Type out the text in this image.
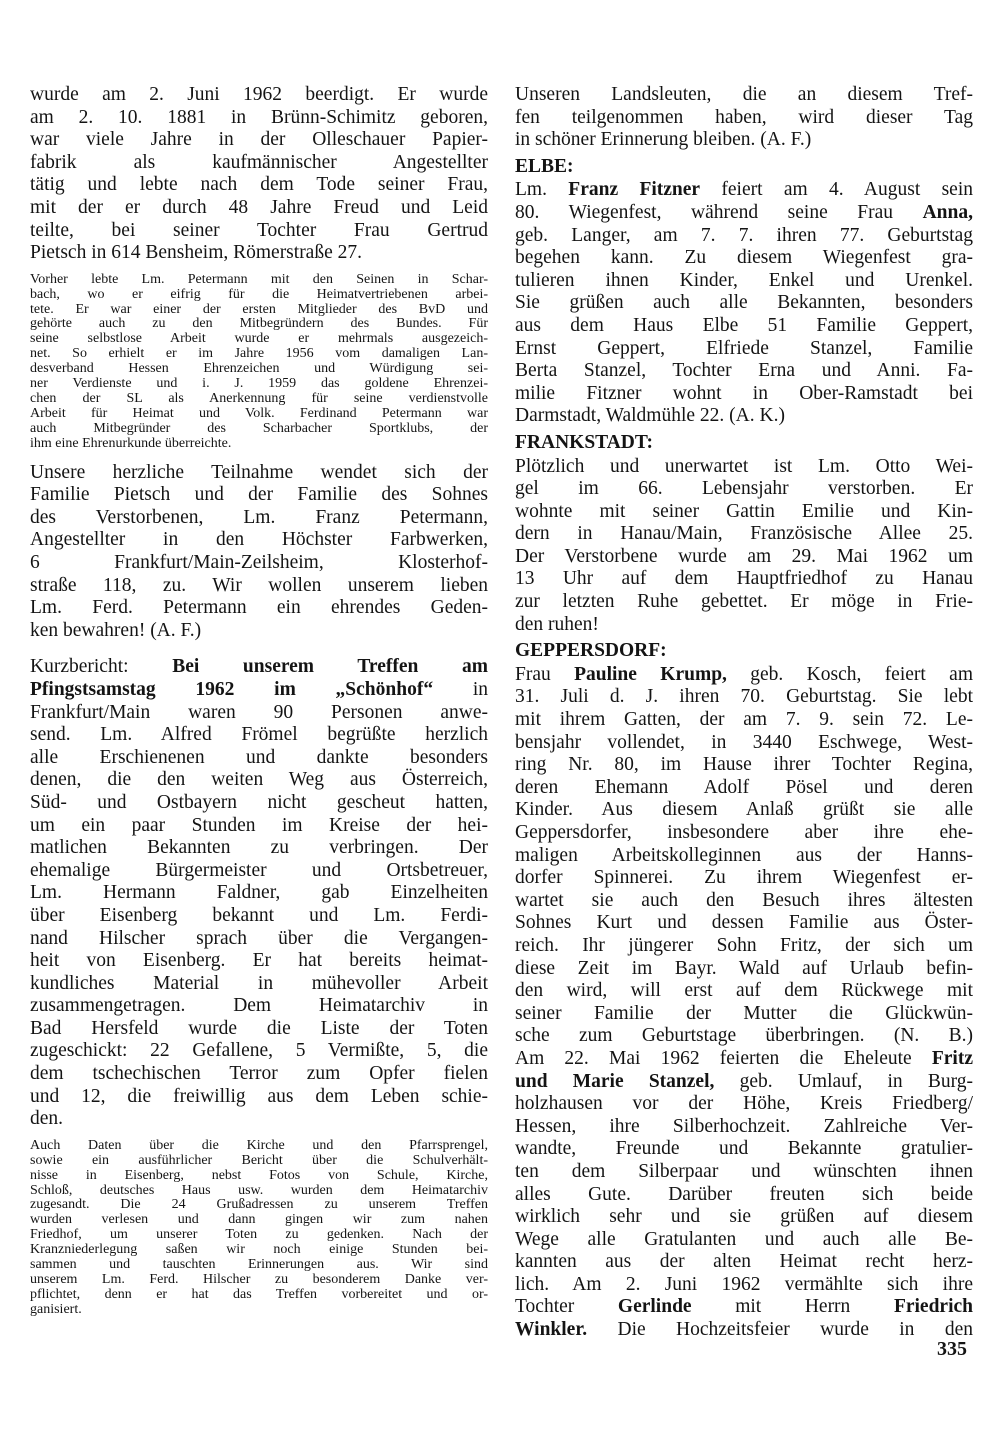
wurde am 2. Juni 1962 beerdigt. Er wurde
am 2. 10. 1881 in Brünn-Schimitz geboren,
war viele Jahre in der Olleschauer Papier-
fabrik als kaufmännischer Angestellter
tätig und lebte nach dem Tode seiner Frau,
mit der er durch 48 Jahre Freud und Leid
teilte, bei seiner Tochter Frau Gertrud
Pietsch in 614 Bensheim, Römerstraße 27.
Vorher lebte Lm. Petermann mit den Seinen in Schar-
bach, wo er eifrig für die Heimatvertriebenen arbei-
tete. Er war einer der ersten Mitglieder des BvD und
gehörte auch zu den Mitbegründern des Bundes. Für
seine selbstlose Arbeit wurde er mehrmals ausgezeich-
net. So erhielt er im Jahre 1956 vom damaligen Lan-
desverband Hessen Ehrenzeichen und Würdigung sei-
ner Verdienste und i. J. 1959 das goldene Ehrenzei-
chen der SL als Anerkennung für seine verdienstvolle
Arbeit für Heimat und Volk. Ferdinand Petermann war
auch Mitbegründer des Scharbacher Sportklubs, der
ihm eine Ehrenurkunde überreichte.
Unsere herzliche Teilnahme wendet sich der
Familie Pietsch und der Familie des Sohnes
des Verstorbenen, Lm. Franz Petermann,
Angestellter in den Höchster Farbwerken,
6 Frankfurt/Main-Zeilsheim, Klosterhof-
straße 118, zu. Wir wollen unserem lieben
Lm. Ferd. Petermann ein ehrendes Geden-
ken bewahren! (A. F.)
Kurzbericht: Bei unserem Treffen am
Pfingstsamstag 1962 im „Schönhof“ in
Frankfurt/Main waren 90 Personen anwe-
send. Lm. Alfred Frömel begrüßte herzlich
alle Erschienenen und dankte besonders
denen, die den weiten Weg aus Österreich,
Süd- und Ostbayern nicht gescheut hatten,
um ein paar Stunden im Kreise der hei-
matlichen Bekannten zu verbringen. Der
ehemalige Bürgermeister und Ortsbetreuer,
Lm. Hermann Faldner, gab Einzelheiten
über Eisenberg bekannt und Lm. Ferdi-
nand Hilscher sprach über die Vergangen-
heit von Eisenberg. Er hat bereits heimat-
kundliches Material in mühevoller Arbeit
zusammengetragen. Dem Heimatarchiv in
Bad Hersfeld wurde die Liste der Toten
zugeschickt: 22 Gefallene, 5 Vermißte, 5, die
dem tschechischen Terror zum Opfer fielen
und 12, die freiwillig aus dem Leben schie-
den.
Auch Daten über die Kirche und den Pfarrsprengel,
sowie ein ausführlicher Bericht über die Schulverhält-
nisse in Eisenberg, nebst Fotos von Schule, Kirche,
Schloß, deutsches Haus usw. wurden dem Heimatarchiv
zugesandt. Die 24 Grußadressen zu unserem Treffen
wurden verlesen und dann gingen wir zum nahen
Friedhof, um unserer Toten zu gedenken. Nach der
Kranzniederlegung saßen wir noch einige Stunden bei-
sammen und tauschten Erinnerungen aus. Wir sind
unserem Lm. Ferd. Hilscher zu besonderem Danke ver-
pflichtet, denn er hat das Treffen vorbereitet und or-
ganisiert.
Unseren Landsleuten, die an diesem Tref-
fen teilgenommen haben, wird dieser Tag
in schöner Erinnerung bleiben. (A. F.)
ELBE:
Lm. Franz Fitzner feiert am 4. August sein
80. Wiegenfest, während seine Frau Anna,
geb. Langer, am 7. 7. ihren 77. Geburtstag
begehen kann. Zu diesem Wiegenfest gra-
tulieren ihnen Kinder, Enkel und Urenkel.
Sie grüßen auch alle Bekannten, besonders
aus dem Haus Elbe 51 Familie Geppert,
Ernst Geppert, Elfriede Stanzel, Familie
Berta Stanzel, Tochter Erna und Anni. Fa-
milie Fitzner wohnt in Ober-Ramstadt bei
Darmstadt, Waldmühle 22. (A. K.)
FRANKSTADT:
Plötzlich und unerwartet ist Lm. Otto Wei-
gel im 66. Lebensjahr verstorben. Er
wohnte mit seiner Gattin Emilie und Kin-
dern in Hanau/Main, Französische Allee 25.
Der Verstorbene wurde am 29. Mai 1962 um
13 Uhr auf dem Hauptfriedhof zu Hanau
zur letzten Ruhe gebettet. Er möge in Frie-
den ruhen!
GEPPERSDORF:
Frau Pauline Krump, geb. Kosch, feiert am
31. Juli d. J. ihren 70. Geburtstag. Sie lebt
mit ihrem Gatten, der am 7. 9. sein 72. Le-
bensjahr vollendet, in 3440 Eschwege, West-
ring Nr. 80, im Hause ihrer Tochter Regina,
deren Ehemann Adolf Pösel und deren
Kinder. Aus diesem Anlaß grüßt sie alle
Geppersdorfer, insbesondere aber ihre ehe-
maligen Arbeitskolleginnen aus der Hanns-
dorfer Spinnerei. Zu ihrem Wiegenfest er-
wartet sie auch den Besuch ihres ältesten
Sohnes Kurt und dessen Familie aus Öster-
reich. Ihr jüngerer Sohn Fritz, der sich um
diese Zeit im Bayr. Wald auf Urlaub befin-
den wird, will erst auf dem Rückwege mit
seiner Familie der Mutter die Glückwün-
sche zum Geburtstage überbringen. (N. B.)
Am 22. Mai 1962 feierten die Eheleute Fritz
und Marie Stanzel, geb. Umlauf, in Burg-
holzhausen vor der Höhe, Kreis Friedberg/
Hessen, ihre Silberhochzeit. Zahlreiche Ver-
wandte, Freunde und Bekannte gratulier-
ten dem Silberpaar und wünschten ihnen
alles Gute. Darüber freuten sich beide
wirklich sehr und sie grüßen auf diesem
Wege alle Gratulanten und auch alle Be-
kannten aus der alten Heimat recht herz-
lich. Am 2. Juni 1962 vermählte sich ihre
Tochter Gerlinde mit Herrn Friedrich
Winkler. Die Hochzeitsfeier wurde in den
335
